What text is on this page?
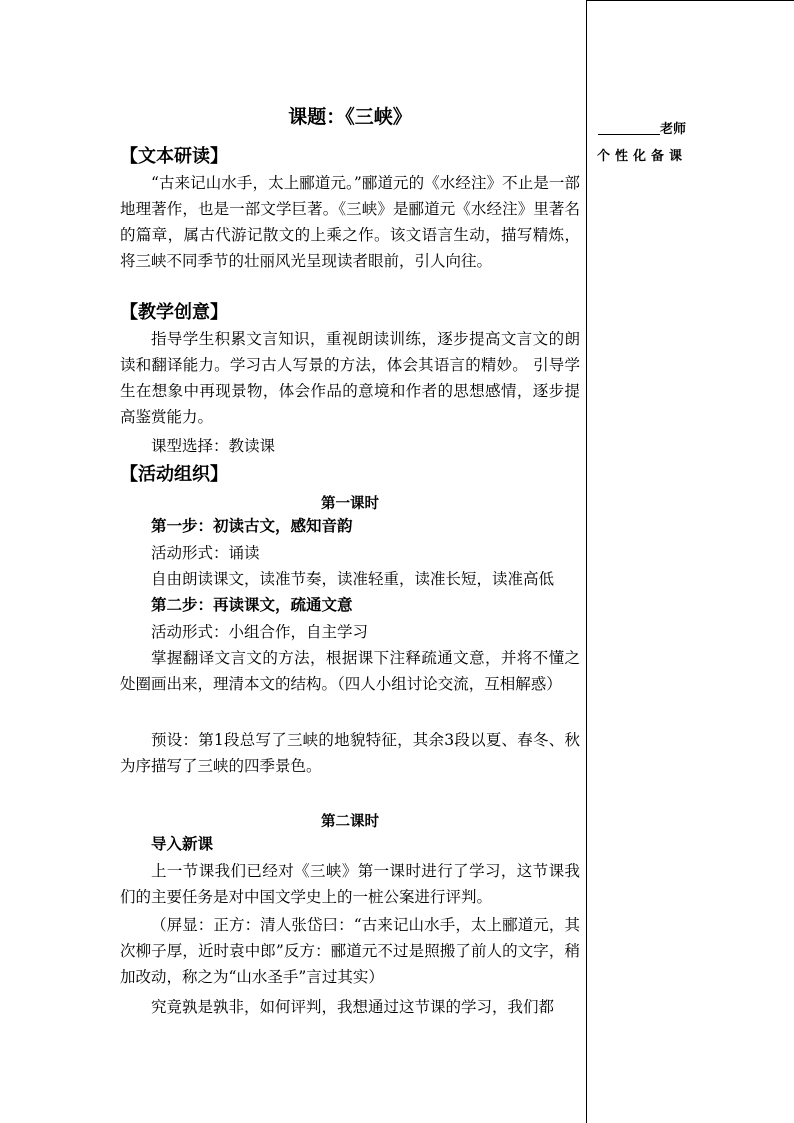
老师
个性化备课
课题：《三峡》
【文本研读】
“古来记山水手，太上郦道元。”郦道元的《水经注》不止是一部地理著作，也是一部文学巨著。《三峡》是郦道元《水经注》里著名的篇章，属古代游记散文的上乘之作。该文语言生动，描写精炼，将三峡不同季节的壮丽风光呈现读者眼前，引人向往。
【教学创意】
指导学生积累文言知识，重视朗读训练，逐步提高文言文的朗读和翻译能力。学习古人写景的方法，体会其语言的精妙。 引导学生在想象中再现景物，体会作品的意境和作者的思想感情，逐步提高鉴赏能力。
课型选择：教读课
【活动组织】
第一课时
第一步：初读古文，感知音韵
活动形式：诵读
自由朗读课文，读准节奏，读准轻重，读准长短，读准高低
第二步：再读课文，疏通文意
活动形式：小组合作，自主学习
掌握翻译文言文的方法，根据课下注释疏通文意，并将不懂之处圈画出来，理清本文的结构。（四人小组讨论交流，互相解惑）
预设：第1段总写了三峡的地貌特征，其余3段以夏、春冬、秋为序描写了三峡的四季景色。
第二课时
导入新课
上一节课我们已经对《三峡》第一课时进行了学习，这节课我们的主要任务是对中国文学史上的一桩公案进行评判。
（屏显：正方：清人张岱曰：“古来记山水手，太上郦道元，其次柳子厚，近时袁中郎”反方：郦道元不过是照搬了前人的文字，稍加改动，称之为“山水圣手”言过其实）
究竟孰是孰非，如何评判，我想通过这节课的学习，我们都
